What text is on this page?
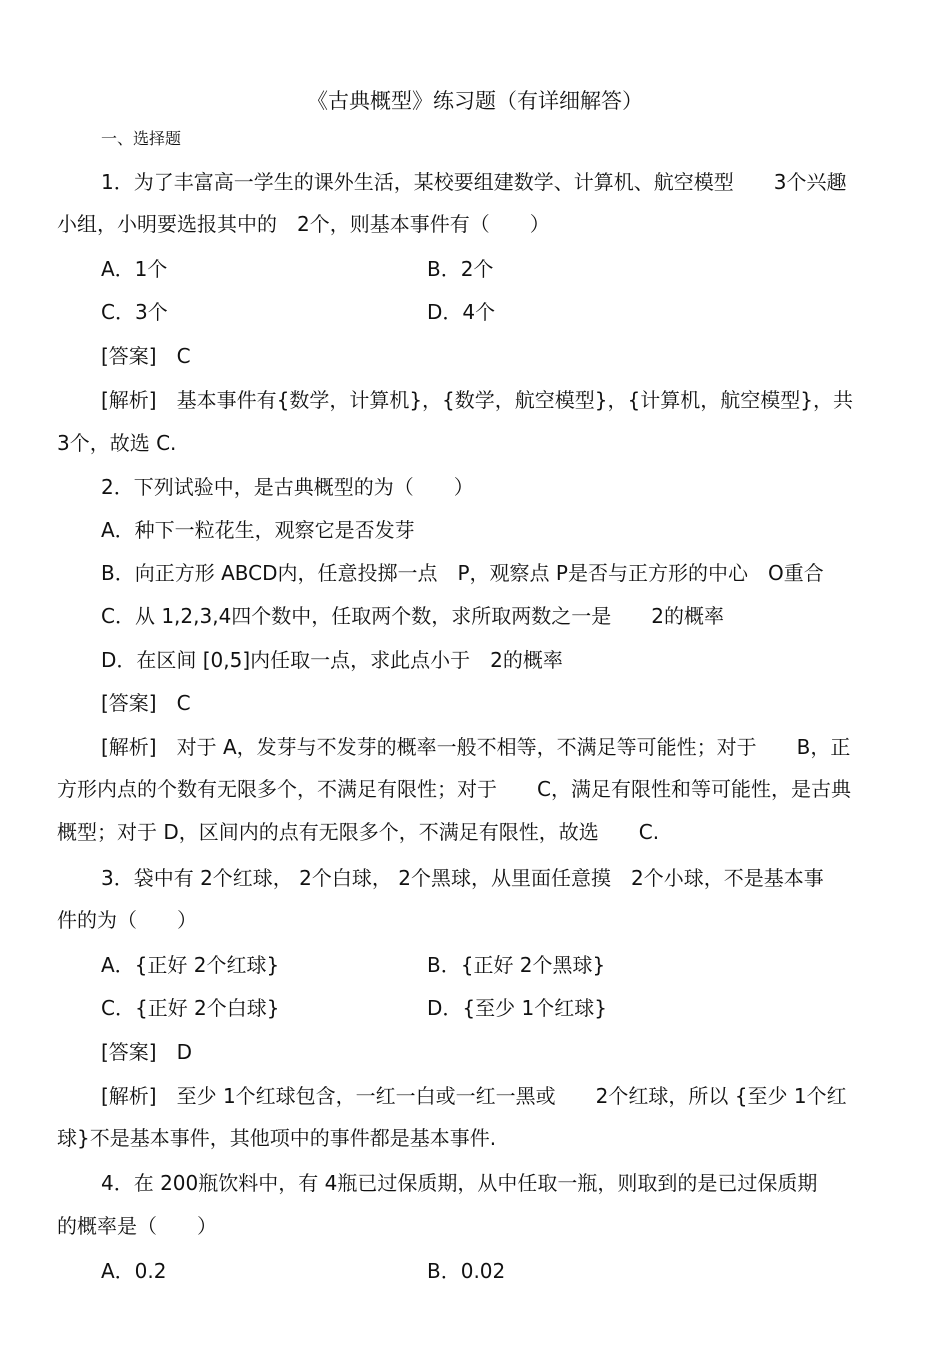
《古典概型》练习题（有详细解答）
一、选择题
1．为了丰富高一学生的课外生活，某校要组建数学、计算机、航空模型　　3个兴趣
小组，小明要选报其中的　2个，则基本事件有（　　）
A．1个	B．2个
C．3个	D．4个
[答案]　C
[解析]　基本事件有{数学，计算机}，{数学，航空模型}，{计算机，航空模型}，共
3个，故选 C.
2．下列试验中，是古典概型的为（　　）
A．种下一粒花生，观察它是否发芽
B．向正方形 ABCD内，任意投掷一点　P，观察点 P是否与正方形的中心　O重合
C．从 1,2,3,4四个数中，任取两个数，求所取两数之一是　　2的概率
D．在区间 [0,5]内任取一点，求此点小于　2的概率
[答案]　C
[解析]　对于 A，发芽与不发芽的概率一般不相等，不满足等可能性；对于　　B，正
方形内点的个数有无限多个，不满足有限性；对于　　C，满足有限性和等可能性，是古典
概型；对于 D，区间内的点有无限多个，不满足有限性，故选　　C.
3．袋中有 2个红球， 2个白球， 2个黑球，从里面任意摸　2个小球，不是基本事
件的为（　　）
A．{正好 2个红球}	B．{正好 2个黑球}
C．{正好 2个白球}	D．{至少 1个红球}
[答案]　D
[解析]　至少 1个红球包含，一红一白或一红一黑或　　2个红球，所以 {至少 1个红
球}不是基本事件，其他项中的事件都是基本事件.
4．在 200瓶饮料中，有 4瓶已过保质期，从中任取一瓶，则取到的是已过保质期
的概率是（　　）
A．0.2	B．0.02
